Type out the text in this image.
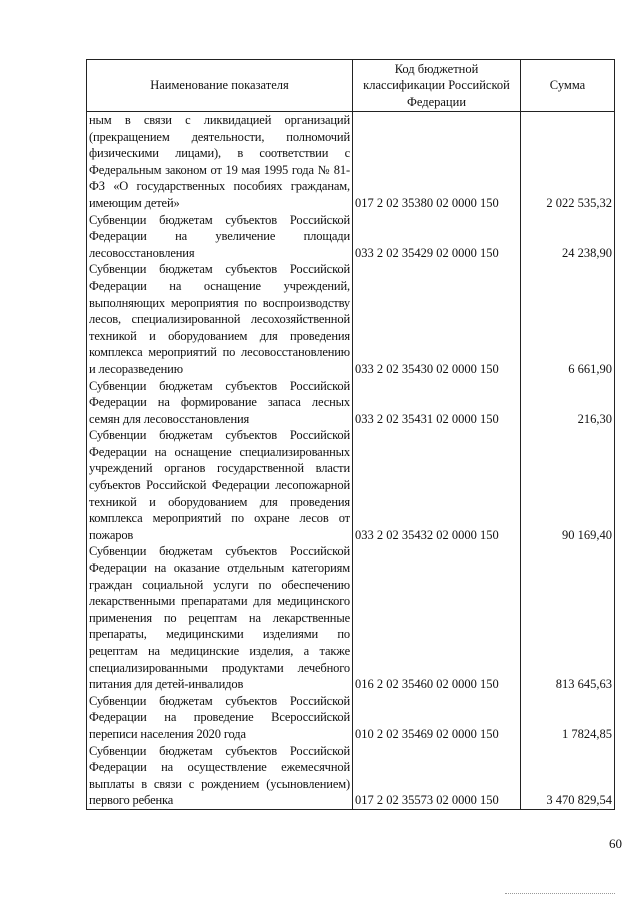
Наименование показателя	Код бюджетной классификации Российской Федерации	Сумма
ным в связи с ликвидацией организаций (прекращением деятельности, полномочий физическими лицами), в соответствии с Федеральным законом от 19 мая 1995 года № 81-ФЗ «О государственных пособиях гражданам, имеющим детей»	017 2 02 35380 02 0000 150	2 022 535,32
Субвенции бюджетам субъектов Российской Федерации на увеличение площади лесовосстановления	033 2 02 35429 02 0000 150	24 238,90
Субвенции бюджетам субъектов Российской Федерации на оснащение учреждений, выполняющих мероприятия по воспроизводству лесов, специализированной лесохозяйственной техникой и оборудованием для проведения комплекса мероприятий по лесовосстановлению и лесоразведению	033 2 02 35430 02 0000 150	6 661,90
Субвенции бюджетам субъектов Российской Федерации на формирование запаса лесных семян для лесовосстановления	033 2 02 35431 02 0000 150	216,30
Субвенции бюджетам субъектов Российской Федерации на оснащение специализированных учреждений органов государственной власти субъектов Российской Федерации лесопожарной техникой и оборудованием для проведения комплекса мероприятий по охране лесов от пожаров	033 2 02 35432 02 0000 150	90 169,40
Субвенции бюджетам субъектов Российской Федерации на оказание отдельным категориям граждан социальной услуги по обеспечению лекарственными препаратами для медицинского применения по рецептам на лекарственные препараты, медицинскими изделиями по рецептам на медицинские изделия, а также специализированными продуктами лечебного питания для детей-инвалидов	016 2 02 35460 02 0000 150	813 645,63
Субвенции бюджетам субъектов Российской Федерации на проведение Всероссийской переписи населения 2020 года	010 2 02 35469 02 0000 150	1 7824,85
Субвенции бюджетам субъектов Российской Федерации на осуществление ежемесячной выплаты в связи с рождением (усыновлением) первого ребенка	017 2 02 35573 02 0000 150	3 470 829,54
60
